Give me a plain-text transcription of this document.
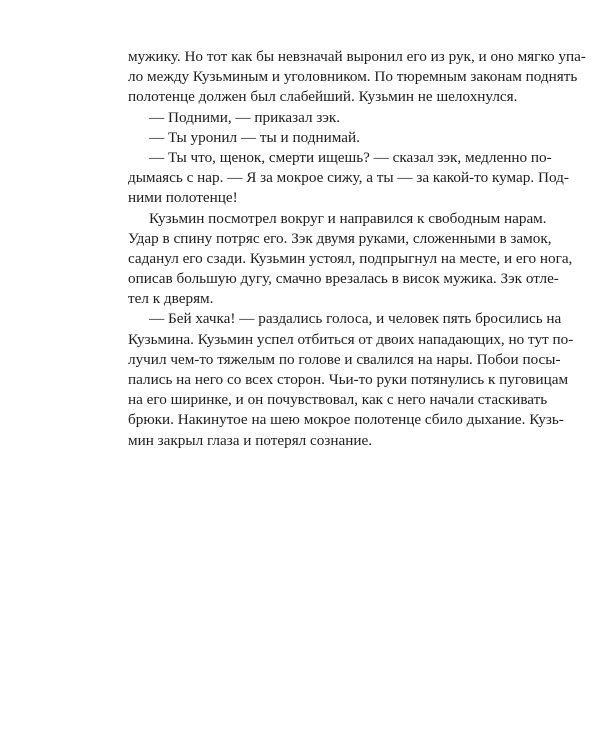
мужику. Но тот как бы невзначай выронил его из рук, и оно мягко упа-
ло между Кузьминым и уголовником. По тюремным законам поднять
полотенце должен был слабейший. Кузьмин не шелохнулся.
— Подними, — приказал зэк.
— Ты уронил — ты и поднимай.
— Ты что, щенок, смерти ищешь? — сказал зэк, медленно по-
дымаясь с нар. — Я за мокрое сижу, а ты — за какой-то кумар. Под-
ними полотенце!
Кузьмин посмотрел вокруг и направился к свободным нарам.
Удар в спину потряс его. Зэк двумя руками, сложенными в замок,
саданул его сзади. Кузьмин устоял, подпрыгнул на месте, и его нога,
описав большую дугу, смачно врезалась в висок мужика. Зэк отле-
тел к дверям.
— Бей хачка! — раздались голоса, и человек пять бросились на
Кузьмина. Кузьмин успел отбиться от двоих нападающих, но тут по-
лучил чем-то тяжелым по голове и свалился на нары. Побои посы-
пались на него со всех сторон. Чьи-то руки потянулись к пуговицам
на его ширинке, и он почувствовал, как с него начали стаскивать
брюки. Накинутое на шею мокрое полотенце сбило дыхание. Кузь-
мин закрыл глаза и потерял сознание.
